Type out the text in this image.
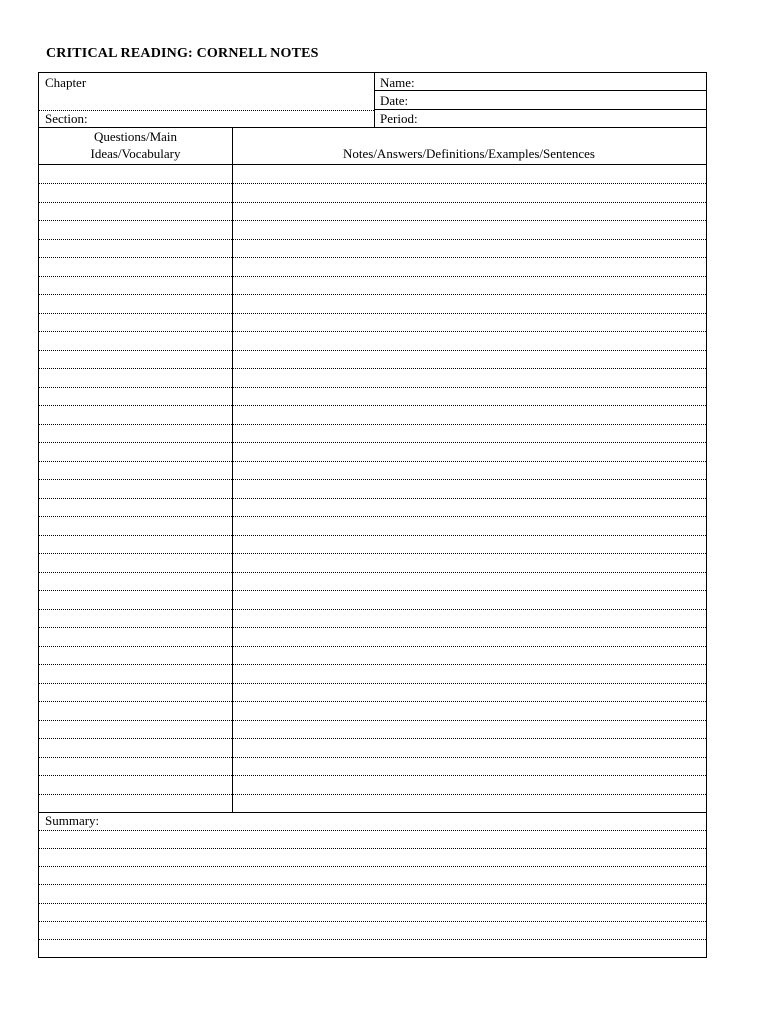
CRITICAL READING: CORNELL NOTES
Chapter	Name:
Date:
Section:	Period:
Questions/Main
Ideas/Vocabulary	Notes/Answers/Definitions/Examples/Sentences
Summary:
